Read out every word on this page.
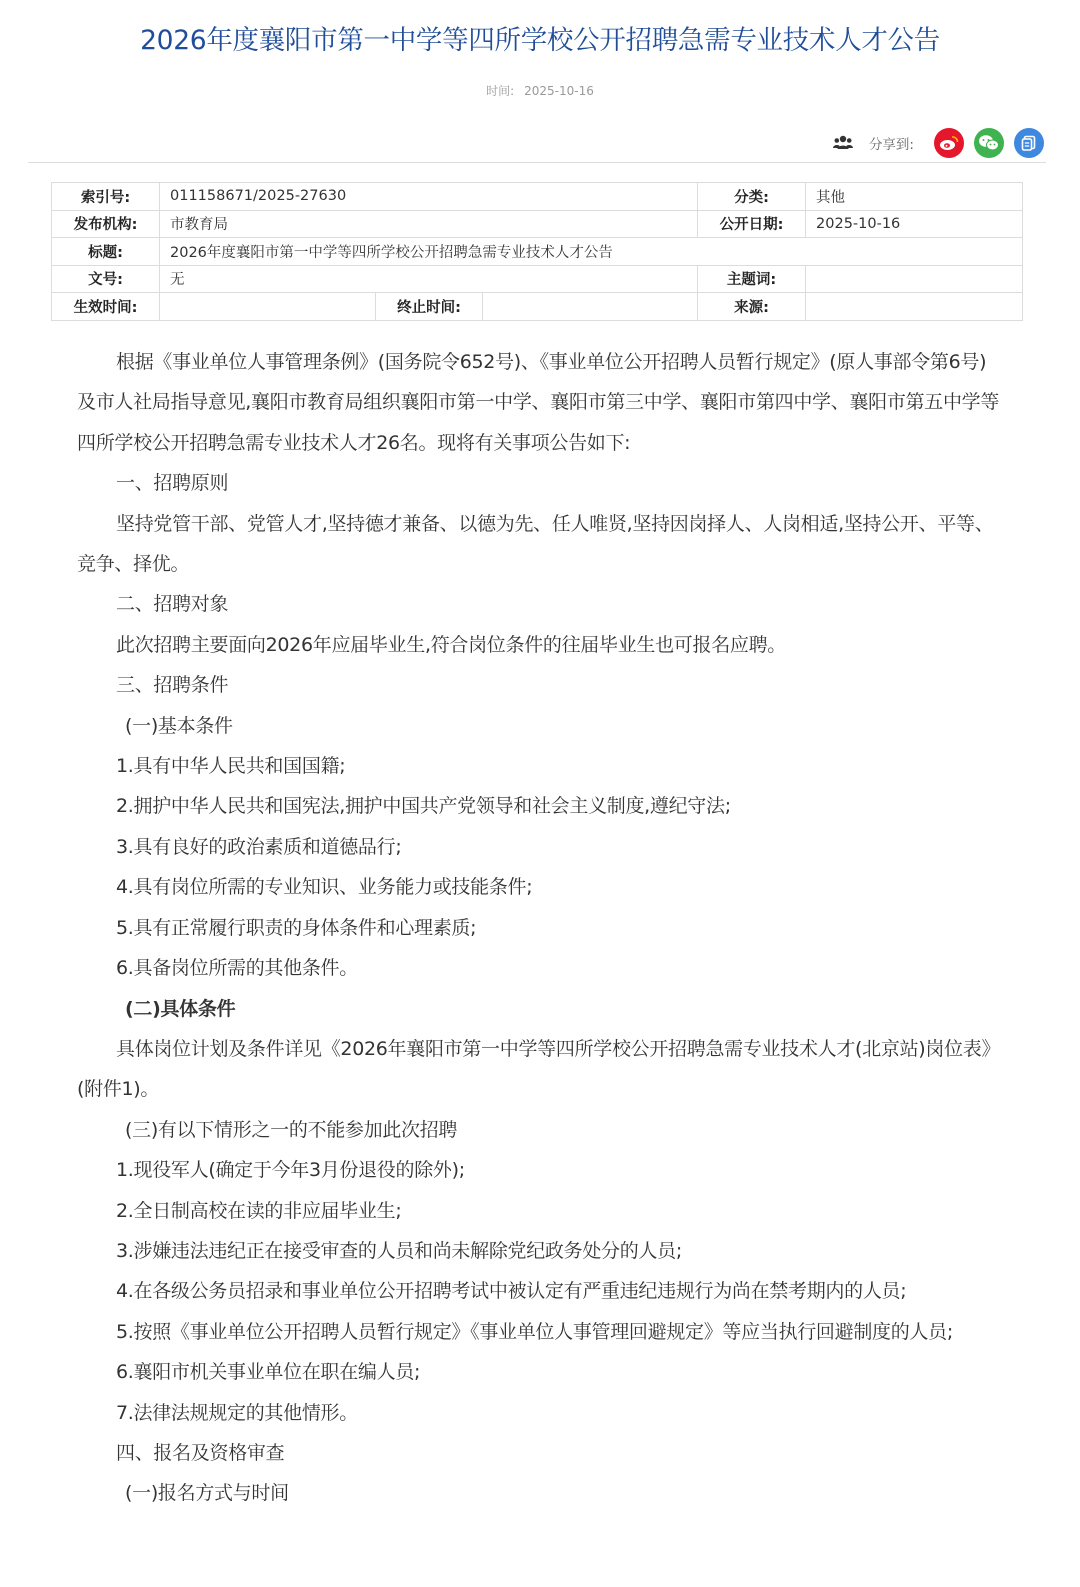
2026年度襄阳市第一中学等四所学校公开招聘急需专业技术人才公告
时间: 2025-10-16
分享到:
索引号:	011158671/2025-27630			分类:	其他
发布机构:	市教育局			公开日期:	2025-10-16
标题:	2026年度襄阳市第一中学等四所学校公开招聘急需专业技术人才公告				
文号:	无			主题词:	
生效时间:		终止时间:		来源:	

根据《事业单位人事管理条例》(国务院令652号)、《事业单位公开招聘人员暂行规定》(原人事部令第6号)及市人社局指导意见,襄阳市教育局组织襄阳市第一中学、襄阳市第三中学、襄阳市第四中学、襄阳市第五中学等四所学校公开招聘急需专业技术人才26名。现将有关事项公告如下:

一、招聘原则

坚持党管干部、党管人才,坚持德才兼备、以德为先、任人唯贤,坚持因岗择人、人岗相适,坚持公开、平等、竞争、择优。

二、招聘对象

此次招聘主要面向2026年应届毕业生,符合岗位条件的往届毕业生也可报名应聘。

三、招聘条件

(一)基本条件

1.具有中华人民共和国国籍;

2.拥护中华人民共和国宪法,拥护中国共产党领导和社会主义制度,遵纪守法;

3.具有良好的政治素质和道德品行;

4.具有岗位所需的专业知识、业务能力或技能条件;

5.具有正常履行职责的身体条件和心理素质;

6.具备岗位所需的其他条件。

(二)具体条件

具体岗位计划及条件详见《2026年襄阳市第一中学等四所学校公开招聘急需专业技术人才(北京站)岗位表》(附件1)。

(三)有以下情形之一的不能参加此次招聘

1.现役军人(确定于今年3月份退役的除外);

2.全日制高校在读的非应届毕业生;

3.涉嫌违法违纪正在接受审查的人员和尚未解除党纪政务处分的人员;

4.在各级公务员招录和事业单位公开招聘考试中被认定有严重违纪违规行为尚在禁考期内的人员;

5.按照《事业单位公开招聘人员暂行规定》《事业单位人事管理回避规定》等应当执行回避制度的人员;

6.襄阳市机关事业单位在职在编人员;

7.法律法规规定的其他情形。

四、报名及资格审查

(一)报名方式与时间
